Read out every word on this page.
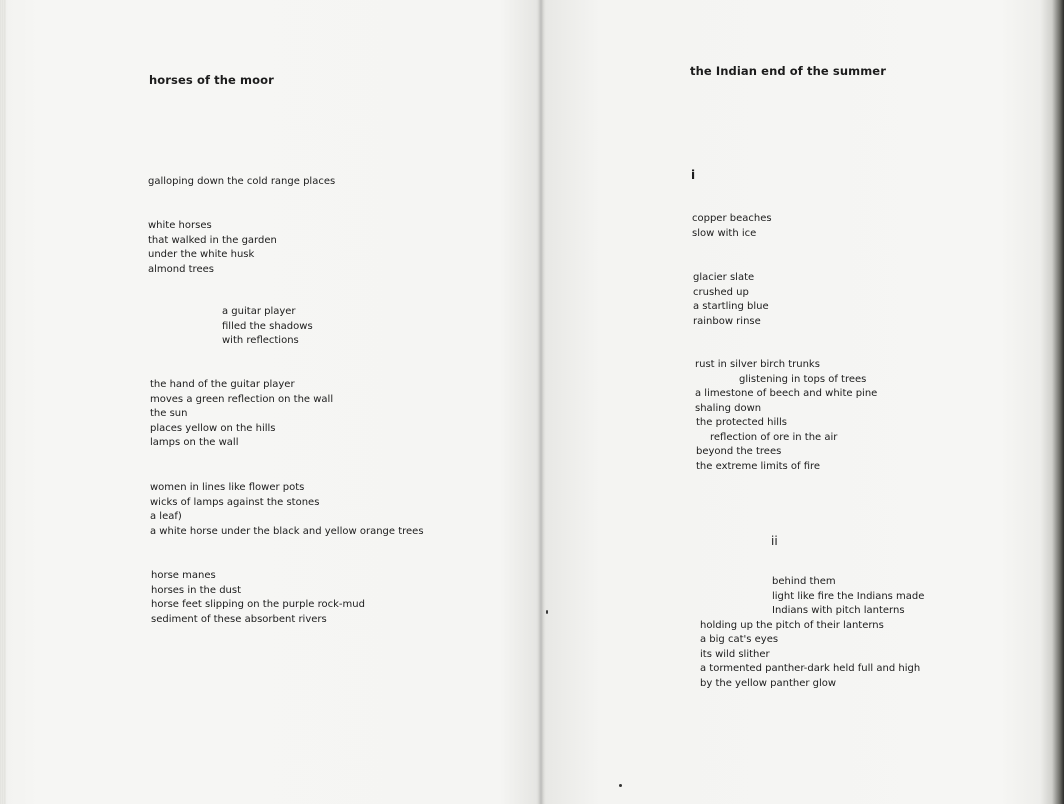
horses of the moor
galloping down the cold range places
white horses
that walked in the garden
under the white husk
almond trees
a guitar player
filled the shadows
with reflections
the hand of the guitar player
moves a green reflection on the wall
the sun
places yellow on the hills
lamps on the wall
women in lines like flower pots
wicks of lamps against the stones
a leaf)
a white horse under the black and yellow orange trees
horse manes
horses in the dust
horse feet slipping on the purple rock-mud
sediment of these absorbent rivers
the Indian end of the summer
i
copper beaches
slow with ice
glacier slate
crushed up
a startling blue
rainbow rinse
rust in silver birch trunks
glistening in tops of trees
a limestone of beech and white pine
shaling down
the protected hills
reflection of ore in the air
beyond the trees
the extreme limits of fire
ii
behind them
light like fire the Indians made
Indians with pitch lanterns
holding up the pitch of their lanterns
a big cat's eyes
its wild slither
a tormented panther-dark held full and high
by the yellow panther glow
